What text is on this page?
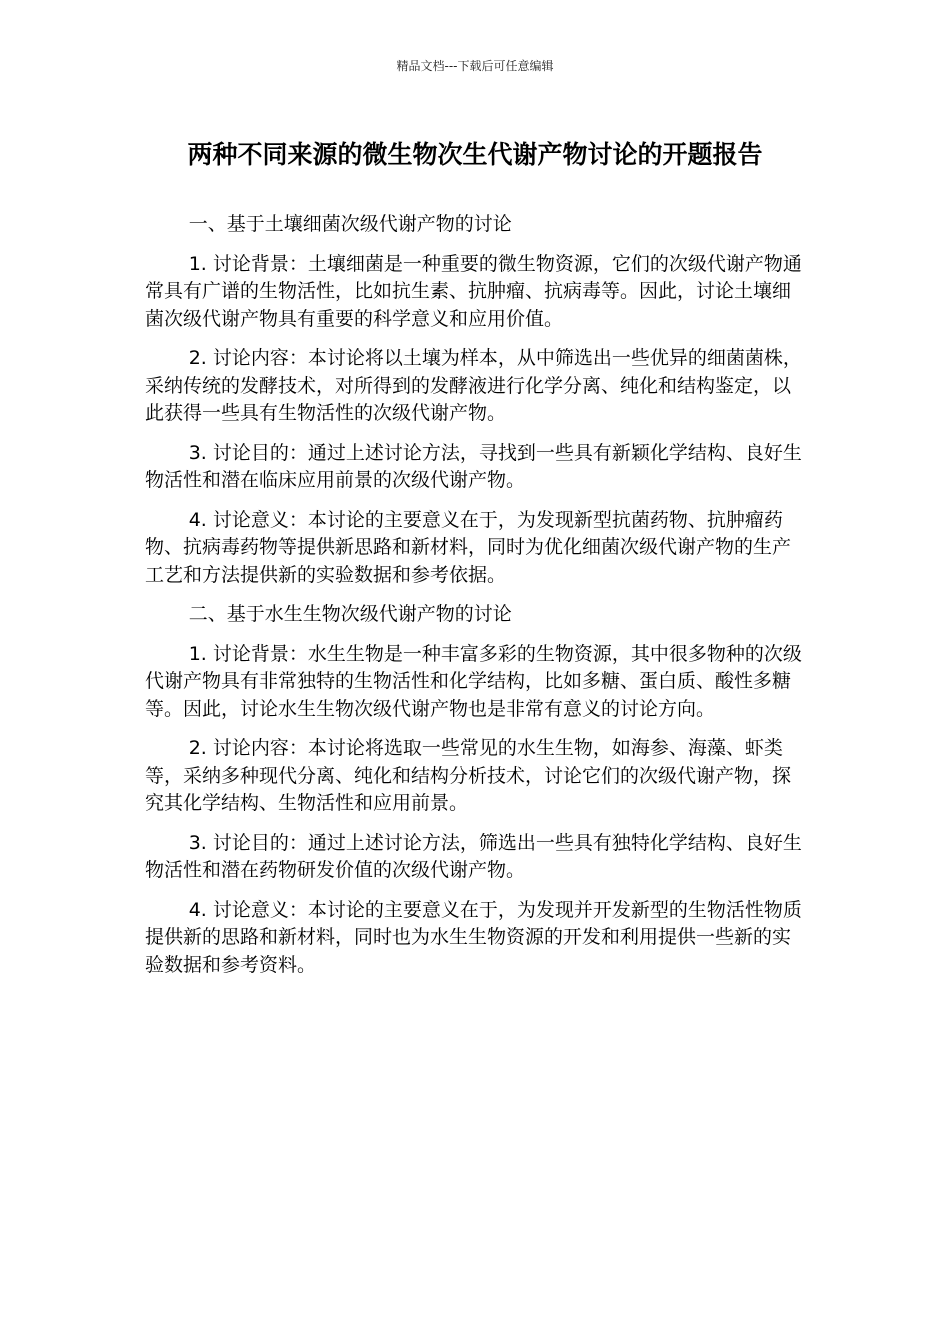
精品文档---下载后可任意编辑
两种不同来源的微生物次生代谢产物讨论的开题报告

一、基于土壤细菌次级代谢产物的讨论

1. 讨论背景：土壤细菌是一种重要的微生物资源，它们的次级代谢产物通常具有广谱的生物活性，比如抗生素、抗肿瘤、抗病毒等。因此，讨论土壤细菌次级代谢产物具有重要的科学意义和应用价值。

2. 讨论内容：本讨论将以土壤为样本，从中筛选出一些优异的细菌菌株，采纳传统的发酵技术，对所得到的发酵液进行化学分离、纯化和结构鉴定，以此获得一些具有生物活性的次级代谢产物。

3. 讨论目的：通过上述讨论方法，寻找到一些具有新颖化学结构、良好生物活性和潜在临床应用前景的次级代谢产物。

4. 讨论意义：本讨论的主要意义在于，为发现新型抗菌药物、抗肿瘤药物、抗病毒药物等提供新思路和新材料，同时为优化细菌次级代谢产物的生产工艺和方法提供新的实验数据和参考依据。

二、基于水生生物次级代谢产物的讨论

1. 讨论背景：水生生物是一种丰富多彩的生物资源，其中很多物种的次级代谢产物具有非常独特的生物活性和化学结构，比如多糖、蛋白质、酸性多糖等。因此，讨论水生生物次级代谢产物也是非常有意义的讨论方向。

2. 讨论内容：本讨论将选取一些常见的水生生物，如海参、海藻、虾类等，采纳多种现代分离、纯化和结构分析技术，讨论它们的次级代谢产物，探究其化学结构、生物活性和应用前景。

3. 讨论目的：通过上述讨论方法，筛选出一些具有独特化学结构、良好生物活性和潜在药物研发价值的次级代谢产物。

4. 讨论意义：本讨论的主要意义在于，为发现并开发新型的生物活性物质提供新的思路和新材料，同时也为水生生物资源的开发和利用提供一些新的实验数据和参考资料。
